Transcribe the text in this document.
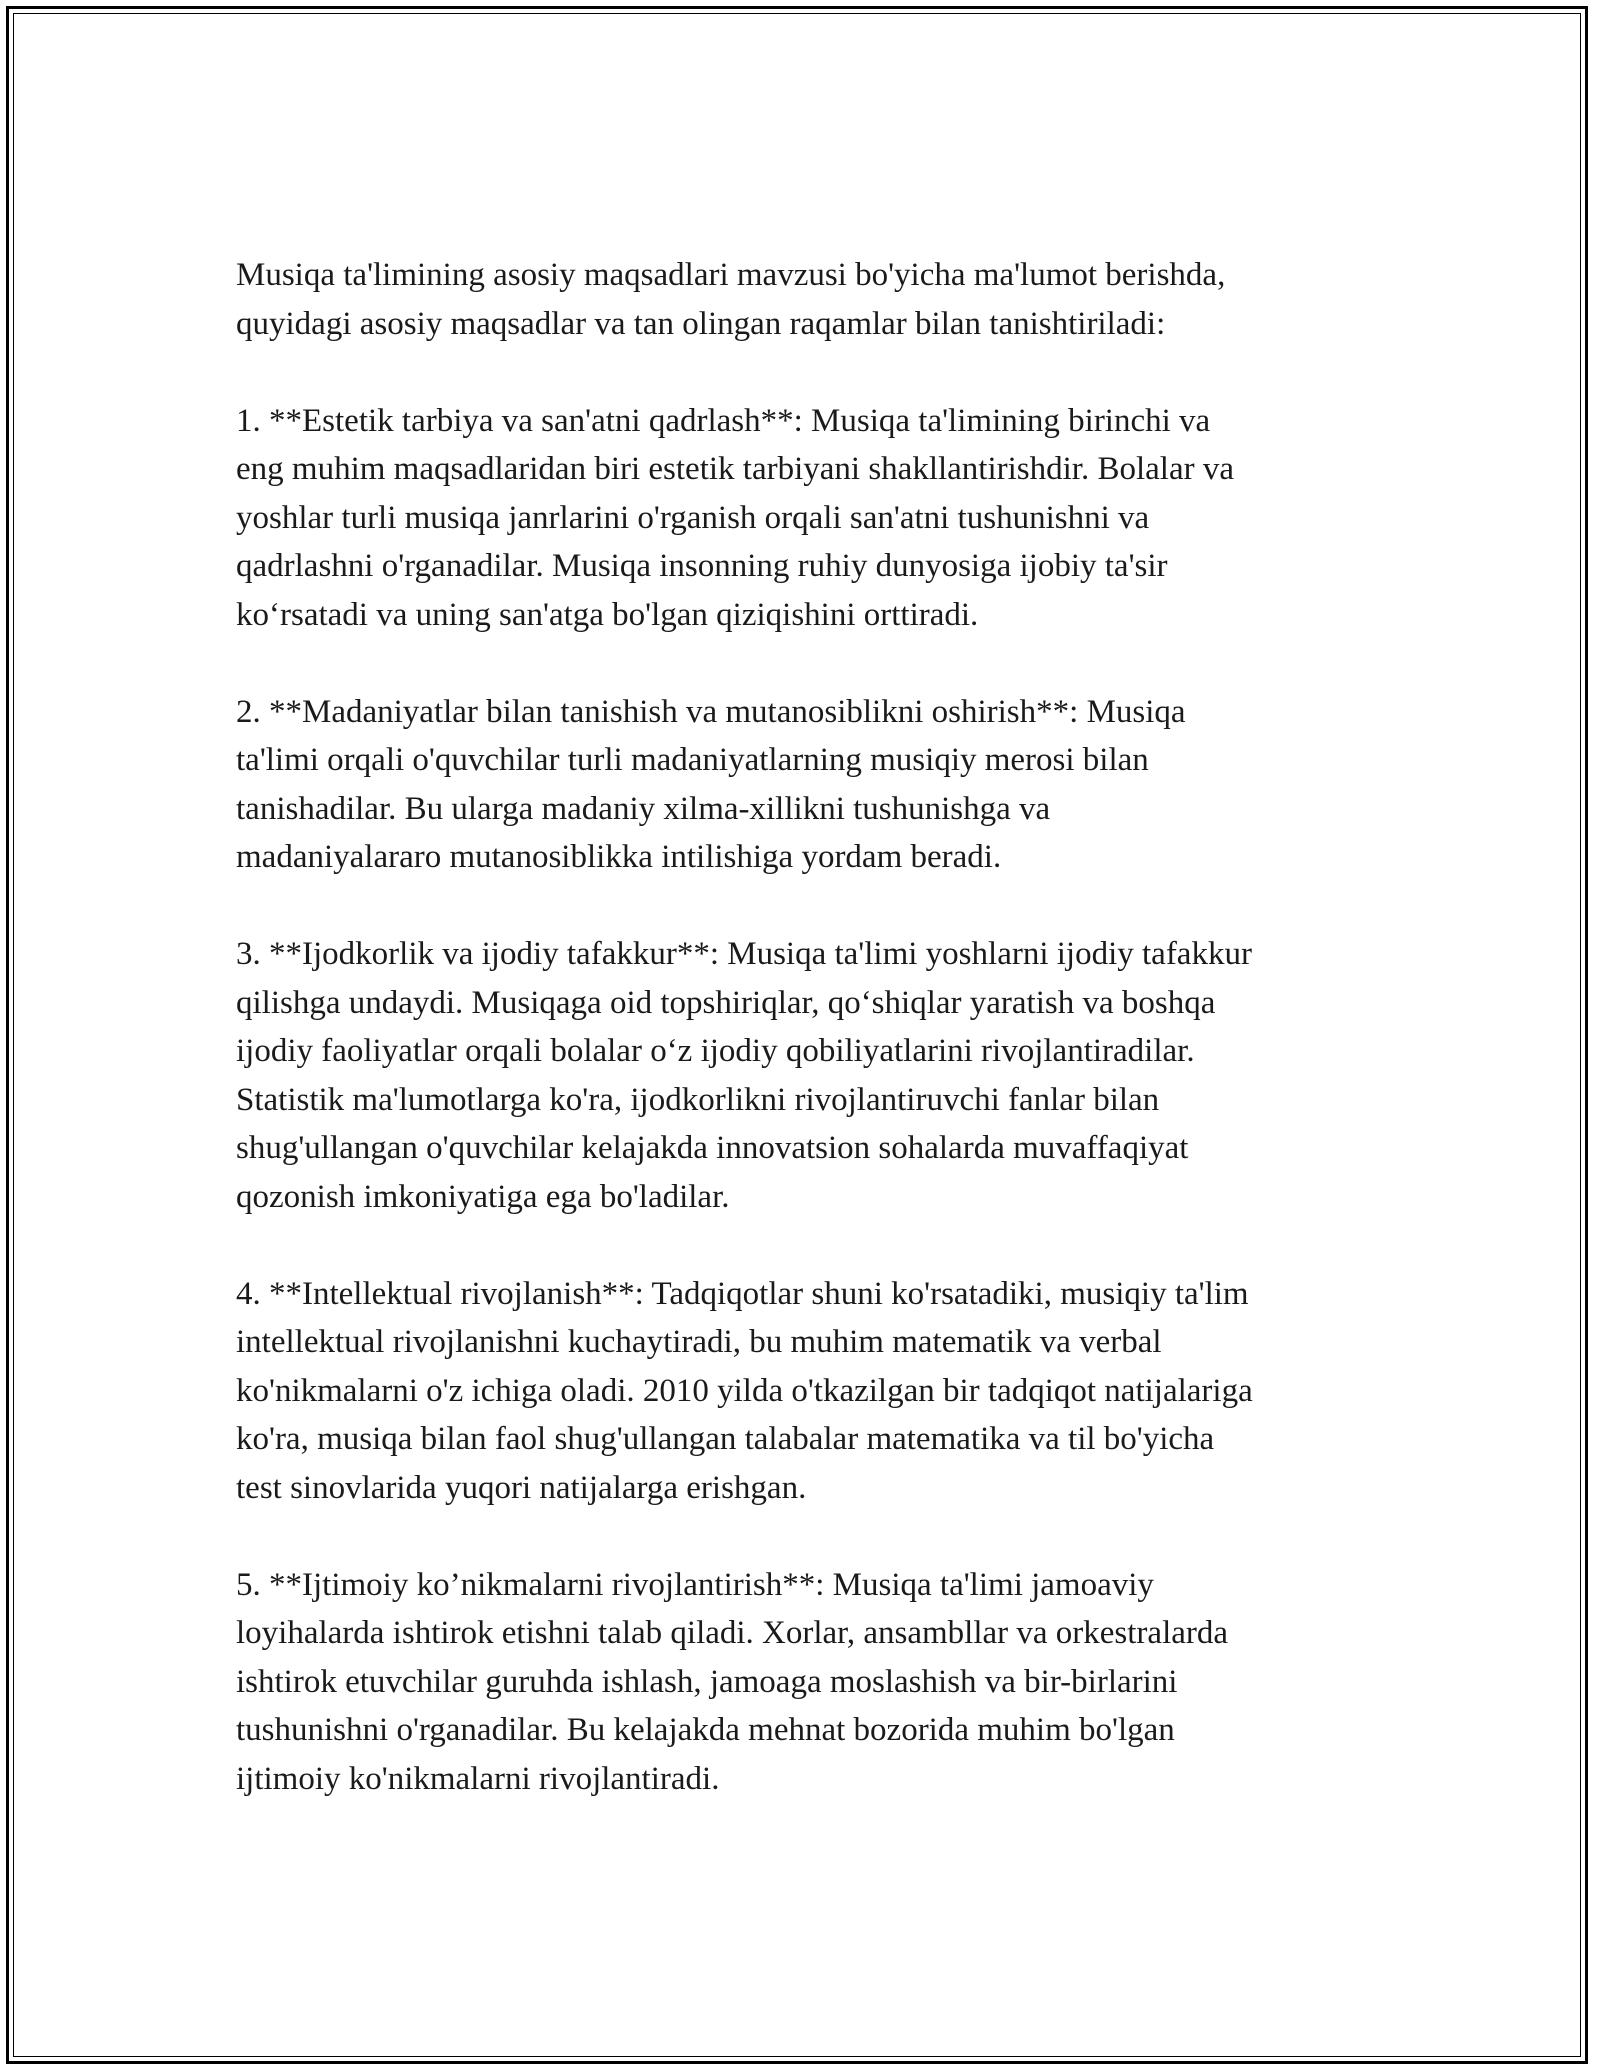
Musiqa ta'limining asosiy maqsadlari mavzusi bo'yicha ma'lumot berishda,
quyidagi asosiy maqsadlar va tan olingan raqamlar bilan tanishtiriladi:

1. **Estetik tarbiya va san'atni qadrlash**: Musiqa ta'limining birinchi va
eng muhim maqsadlaridan biri estetik tarbiyani shakllantirishdir. Bolalar va
yoshlar turli musiqa janrlarini o'rganish orqali san'atni tushunishni va
qadrlashni o'rganadilar. Musiqa insonning ruhiy dunyosiga ijobiy ta'sir
ko‘rsatadi va uning san'atga bo'lgan qiziqishini orttiradi.

2. **Madaniyatlar bilan tanishish va mutanosiblikni oshirish**: Musiqa
ta'limi orqali o'quvchilar turli madaniyatlarning musiqiy merosi bilan
tanishadilar. Bu ularga madaniy xilma-xillikni tushunishga va
madaniyalararo mutanosiblikka intilishiga yordam beradi.

3. **Ijodkorlik va ijodiy tafakkur**: Musiqa ta'limi yoshlarni ijodiy tafakkur
qilishga undaydi. Musiqaga oid topshiriqlar, qo‘shiqlar yaratish va boshqa
ijodiy faoliyatlar orqali bolalar o‘z ijodiy qobiliyatlarini rivojlantiradilar.
Statistik ma'lumotlarga ko'ra, ijodkorlikni rivojlantiruvchi fanlar bilan
shug'ullangan o'quvchilar kelajakda innovatsion sohalarda muvaffaqiyat
qozonish imkoniyatiga ega bo'ladilar.

4. **Intellektual rivojlanish**: Tadqiqotlar shuni ko'rsatadiki, musiqiy ta'lim
intellektual rivojlanishni kuchaytiradi, bu muhim matematik va verbal
ko'nikmalarni o'z ichiga oladi. 2010 yilda o'tkazilgan bir tadqiqot natijalariga
ko'ra, musiqa bilan faol shug'ullangan talabalar matematika va til bo'yicha
test sinovlarida yuqori natijalarga erishgan.

5. **Ijtimoiy ko’nikmalarni rivojlantirish**: Musiqa ta'limi jamoaviy
loyihalarda ishtirok etishni talab qiladi. Xorlar, ansambllar va orkestralarda
ishtirok etuvchilar guruhda ishlash, jamoaga moslashish va bir-birlarini
tushunishni o'rganadilar. Bu kelajakda mehnat bozorida muhim bo'lgan
ijtimoiy ko'nikmalarni rivojlantiradi.
